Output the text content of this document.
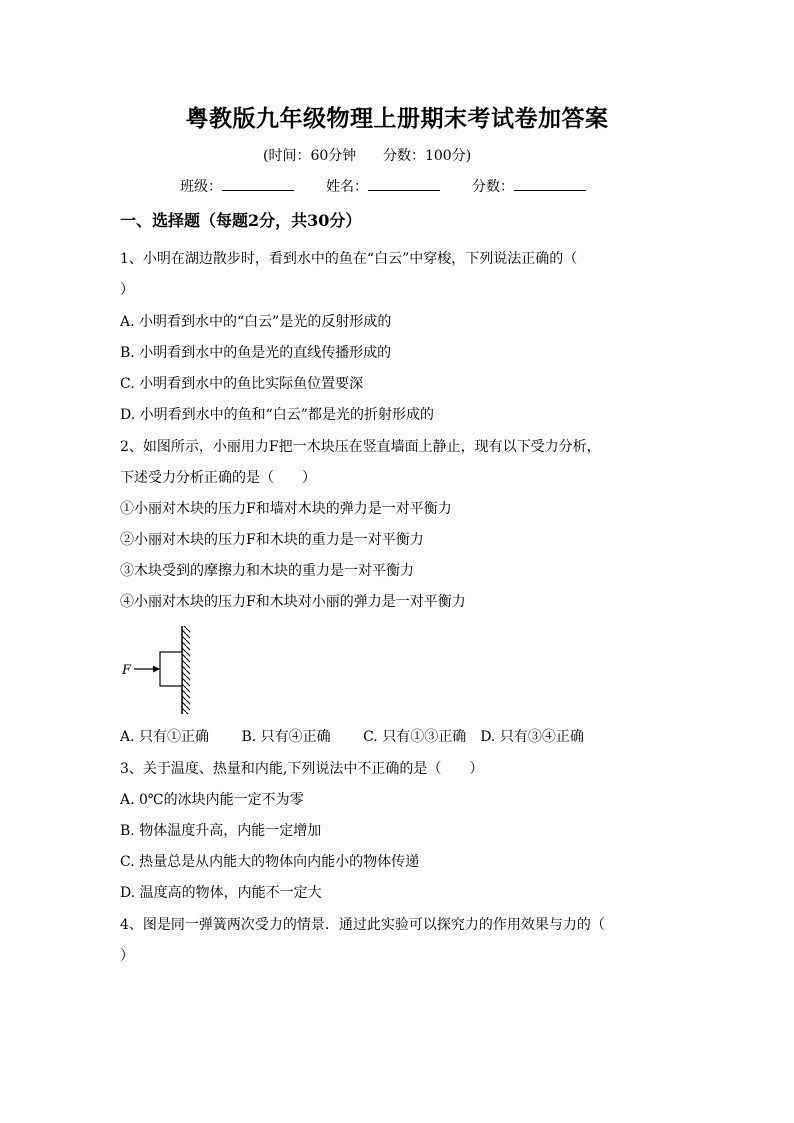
粤教版九年级物理上册期末考试卷加答案
(时间：60分钟      分数：100分)
班级：	姓名：	分数：
一、选择题（每题2分，共30分）
1、小明在湖边散步时，看到水中的鱼在“白云”中穿梭，下列说法正确的（
）
A. 小明看到水中的“白云”是光的反射形成的
B. 小明看到水中的鱼是光的直线传播形成的
C. 小明看到水中的鱼比实际鱼位置要深
D. 小明看到水中的鱼和“白云”都是光的折射形成的
2、如图所示，小丽用力F把一木块压在竖直墙面上静止，现有以下受力分析，
下述受力分析正确的是（　　）
①小丽对木块的压力F和墙对木块的弹力是一对平衡力
②小丽对木块的压力F和木块的重力是一对平衡力
③木块受到的摩擦力和木块的重力是一对平衡力
④小丽对木块的压力F和木块对小丽的弹力是一对平衡力
F
A. 只有①正确　　 B. 只有④正确　　 C. 只有①③正确　D. 只有③④正确
3、关于温度、热量和内能,下列说法中不正确的是（　　）
A. 0℃的冰块内能一定不为零
B. 物体温度升高，内能一定增加
C. 热量总是从内能大的物体向内能小的物体传递
D. 温度高的物体，内能不一定大
4、图是同一弹簧两次受力的情景．通过此实验可以探究力的作用效果与力的（
）
